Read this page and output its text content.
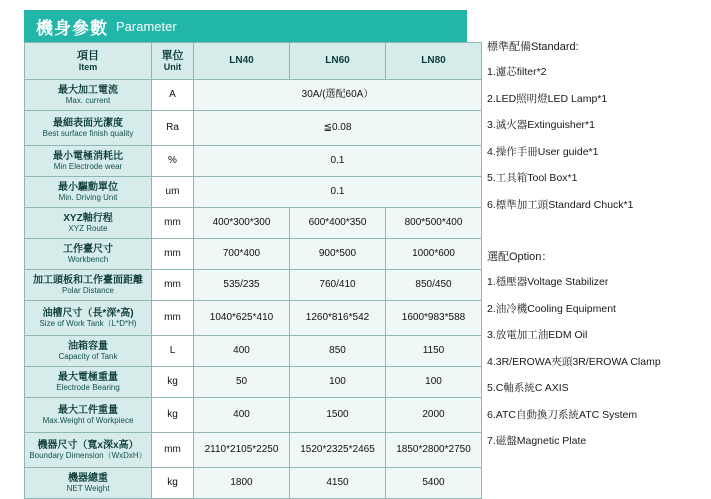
機身參數 Parameter
項目
Item	單位
Unit	LN40	LN60	LN80

最大加工電流
Max. current	A	30A/(選配60A）		

最細表面光潔度
Best surface finish quality	Ra	≦0.08		

最小電極消耗比
Min Electrode wear	%	0.1		

最小驅動單位
Min. Driving Unit	um	0.1		

XYZ軸行程
XYZ Route	mm	400*300*300	600*400*350	800*500*400

工作臺尺寸
Workbench	mm	700*400	900*500	1000*600

加工頭板和工作臺面距離
Polar Distance	mm	535/235	760/410	850/450

油槽尺寸（長*深*高)
Size of Work Tank（L*D*H)	mm	1040*625*410	1260*816*542	1600*983*588

油箱容量
Capacity of Tank	L	400	850	1150

最大電極重量
Electrode Bearing	kg	50	100	100

最大工件重量
Max.Weight of Workpiece	kg	400	1500	2000

機器尺寸（寬x深x高）
Boundary Dimension（WxDxH）	mm	2110*2105*2250	1520*2325*2465	1850*2800*2750

機器總重
NET Weight	kg	1800	4150	5400

標準配備Standard:

1.濾芯filter*2

2.LED照明燈LED Lamp*1

3.滅火器Extinguisher*1

4.操作手冊User guide*1

5.工具箱Tool Box*1

6.標準加工頭Standard Chuck*1

選配Option：

1.穩壓器Voltage Stabilizer

2.油冷機Cooling Equipment

3.放電加工油EDM Oil

4.3R/EROWA夾頭3R/EROWA Clamp

5.C軸系統C AXIS

6.ATC自動換刀系統ATC System

7.磁盤Magnetic Plate
